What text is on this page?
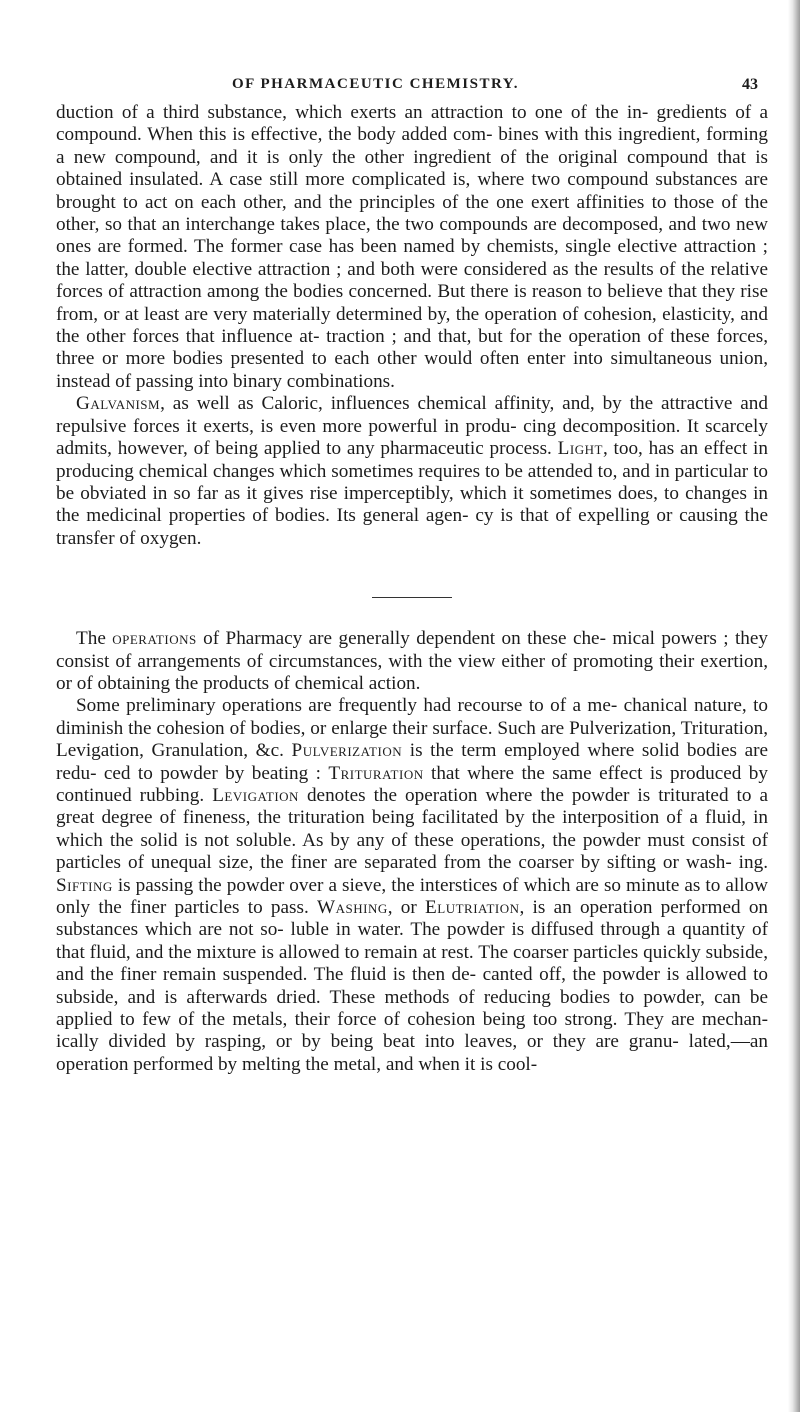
OF PHARMACEUTIC CHEMISTRY.	43

duction of a third substance, which exerts an attraction to one of the in- gredients of a compound. When this is effective, the body added com- bines with this ingredient, forming a new compound, and it is only the other ingredient of the original compound that is obtained insulated. A case still more complicated is, where two compound substances are brought to act on each other, and the principles of the one exert affinities to those of the other, so that an interchange takes place, the two compounds are decomposed, and two new ones are formed. The former case has been named by chemists, single elective attraction ; the latter, double elective attraction ; and both were considered as the results of the relative forces of attraction among the bodies concerned. But there is reason to believe that they rise from, or at least are very materially determined by, the operation of cohesion, elasticity, and the other forces that influence at- traction ; and that, but for the operation of these forces, three or more bodies presented to each other would often enter into simultaneous union, instead of passing into binary combinations.

Galvanism, as well as Caloric, influences chemical affinity, and, by the attractive and repulsive forces it exerts, is even more powerful in produ- cing decomposition. It scarcely admits, however, of being applied to any pharmaceutic process. Light, too, has an effect in producing chemical changes which sometimes requires to be attended to, and in particular to be obviated in so far as it gives rise imperceptibly, which it sometimes does, to changes in the medicinal properties of bodies. Its general agen- cy is that of expelling or causing the transfer of oxygen.

The operations of Pharmacy are generally dependent on these che- mical powers ; they consist of arrangements of circumstances, with the view either of promoting their exertion, or of obtaining the products of chemical action.

Some preliminary operations are frequently had recourse to of a me- chanical nature, to diminish the cohesion of bodies, or enlarge their surface. Such are Pulverization, Trituration, Levigation, Granulation, &c. Pulverization is the term employed where solid bodies are redu- ced to powder by beating : Trituration that where the same effect is produced by continued rubbing. Levigation denotes the operation where the powder is triturated to a great degree of fineness, the trituration being facilitated by the interposition of a fluid, in which the solid is not soluble. As by any of these operations, the powder must consist of particles of unequal size, the finer are separated from the coarser by sifting or wash- ing. Sifting is passing the powder over a sieve, the interstices of which are so minute as to allow only the finer particles to pass. Washing, or Elutriation, is an operation performed on substances which are not so- luble in water. The powder is diffused through a quantity of that fluid, and the mixture is allowed to remain at rest. The coarser particles quickly subside, and the finer remain suspended. The fluid is then de- canted off, the powder is allowed to subside, and is afterwards dried. These methods of reducing bodies to powder, can be applied to few of the metals, their force of cohesion being too strong. They are mechan- ically divided by rasping, or by being beat into leaves, or they are granu- lated,—an operation performed by melting the metal, and when it is cool-
